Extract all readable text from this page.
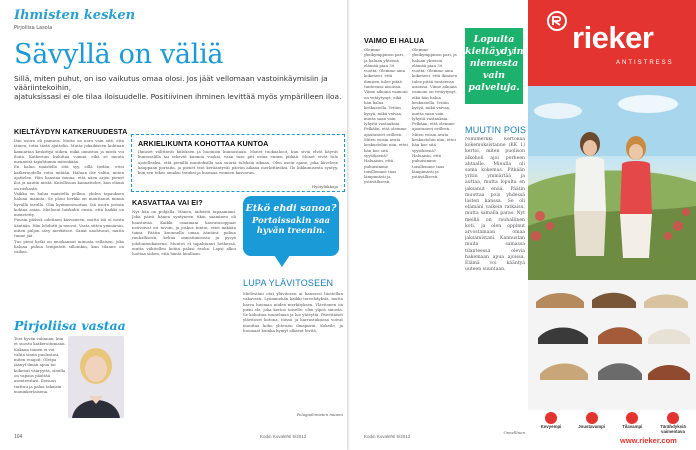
Ihmisten kesken
Pirjoliisa Lasola
Sävyllä on väliä
Sillä, miten puhut, on iso vaikutus omaa olosi. Jos jäät vellomaan vastoinkäymisiin ja vääriintekoihin,
ajatuksissasi ei ole tilaa iloisuudelle. Positiivinen ihminen levittää myös ympärilleen iloa.
KIELTÄYDYN KATKERUUDESTA

Iäin usura oli painava. Mutta on noro vain sitä, että iäinen, totta tästä ajattelin. Mutta jokaikiseen kohtaan kannattaa keskittyä siihen, mikä onnistuu ja mistä voi iloita. Katkeruus kuluttaa voimia, eikä se muuta menneitä tapahtumia mitenkään.

En halua maistella sitä syy, sillä tiedän, ettei katkeruudella voita mitään. Haluan ilse valita, miten ajattelen. Hän haastaa minua, että näen arjen pienet ilot ja nautin niistä. Kiitollisuus kannattelee, kun elämä on raskasta.

Vaikka en halua maistella pelkoa, yhden tapauksen haluan mainita: Se ploni herkki on muuttanut minua hyvällä tavalla. Olin kymmenvuotias. Isä usura jostain kohtaa asiaa. Mieleeni luiskahti ensin, että kaikki on menetetty.

Puusin päässä odottaen kasvaneen, mutta isä ei nosta ääntään. Hän lohdutti ja neuvoi. Vasta sitten ymmärsin, miten paljon sävy merkitsee. Sanat unohtuvat, mutta tunne jää.

Tuo pieni hetki on muokannut minusta sellaisen, joka haluaa puhua lempeästi silloinkin, kun tilanne on vaikea.

Pirjoliisa vastaa
Teet hyvän valinnan, kun et suostu katkeroitumaan. Kukaan toinen ei voi valita sinun puolestasi, miten reagoit. Oletpa jäänyt ilman apua tai kokenut vääryyttä, sinulla on vapaus päättää asenteestasi. Iloisuus tarttuu ja palaa takaisin moninkertaisena.
ARKIELIKUNTA KOHOTTAA KUNTOA
Ihmiset välittävät kiitoksen ja huomion kunnostaan. Monet tuokaahoot, kun siviä elvät käyvät kuntosalilla tai tekevät kunnon vuoksi, vaan taas piti ostaa ennen pitkää. Monet eivät tule ajatelleeksi, että pienillä muutoksilla saa suuria tuloksia aikaan. Olen usein ajane, joka käveleee kauppaan portaita, ja pienet teot kerääntyvät päivän aikana merkittäviksi. Ilo liikkumisesta syntyy, kun sen tekee omaksi tavaksi ja huomaa voimien kasvavan.
Hyötyliikkuja
KASVATTAA VAI EI?
Nyt hän on pohjalla. Hänen, äideistä tapaamiani. Joka päivä hänen syntyneen tikin saaminen oli haastavaa. Kaikki osaamani kasvatusoppaat neuvoivat eri tavoin, ja joskus tuntui, ettei mikään toimi. Päätin kuunnella omaa ääntäni: puhua rauhallisesti, kehua onnistumisista ja pysyä johdonmukaisena. Muutos ei tapahtunut hetkessä, mutta vähitellen kotiin palasi rauha. Lapsi alkoi luottaa siihen, että häntä kuullaan.
Etkö ehdi sanoa?
Portaissakin saa hyvän treenin.
LUPA YLÄVITOSEEN
Mielestäni otat ylävitosen ai kanssesi liioitellun vakavasti. Lyömmehän kaikki tervehdyksiä, mutta harva huomaa niiden merkityksen. Ylävitonen on pieni ele, joka kertoo toiselle: olen ylpeä sinusta. Se kohottaa tunnelmaa ja luo yhteyttä. Päivittäiset ylävitoset kotona, töissä ja harrastuksissa voivat muuttaa koko yhteisön ilmapiirin. Kokeile, ja huomaat kuinka hymyt alkavat levitä.
Pelagiaihmisten muumi
104	Kodin Kuvalehti 5/2013
VAIMO EI HALUA
Olemme yksikymppinen pari, ja haluan yhteisiä elämää pian 30 vuotta. Olemme aina kokeneet, että ihmisen tulee pitää tunteensa aisoissa. Viime aikoina vaimoni on vetäytynyt, eikä hän halua keskustella. Yritän kysyä, mikä vaivaa, mutta saan vain lyhyitä vastauksia. Pelkään, että olemme ajautuneet erilleen. Miten voisin avata keskustelun niin, ettei hän koe sitä syytöksenä? Haluaisin, että puhuisimme toisillemme taas lämpimästi ja ystävällisesti.
Olemme yksikymppinen pari, ja haluan yhteisiä elämää pian 30 vuotta. Olemme aina kokeneet, että ihmisen tulee pitää tunteensa aisoissa. Viime aikoina vaimoni on vetäytynyt, eikä hän halua keskustella. Yritän kysyä, mikä vaivaa, mutta saan vain lyhyitä vastauksia. Pelkään, että olemme ajautuneet erilleen. Miten voisin avata keskustelun niin, ettei hän koe sitä syytöksenä? Haluaisin, että puhuisimme toisillemme taas lämpimästi ja ystävällisesti.
Lopulta kieltäydyin niemesta vain palveluja.
MUUTIN POIS
Nimimerkki Kertokaa kokemuksistanne (KK 1) kertoi, miten puolison alkoholi ajoi perheen ahtaalle. Minulla oli sama kokemus. Pitkään yritin ymmärtää ja auttaa, mutta lopulta en jaksanut enää. Päätin muuttaa pois yhdessä lasten kanssa. Se oli elämäni vaikein ratkaisu, mutta samalla paras. Nyt meillä on rauhallinen koti, ja olen oppinut arvostamaan omaa jaksamistani. Kannustan muita samassa tilanteessa olevia hakemaan apua ajoissa. Elämä voi kääntyä uuteen suuntaan.
Onnellinen
Kodin Kuvalehti 5/2013
rieker
ANTISTRESS
Kevyempi	Joustavampi	Tilavampi	Tärähdyksiä vaimentava
www.rieker.com
